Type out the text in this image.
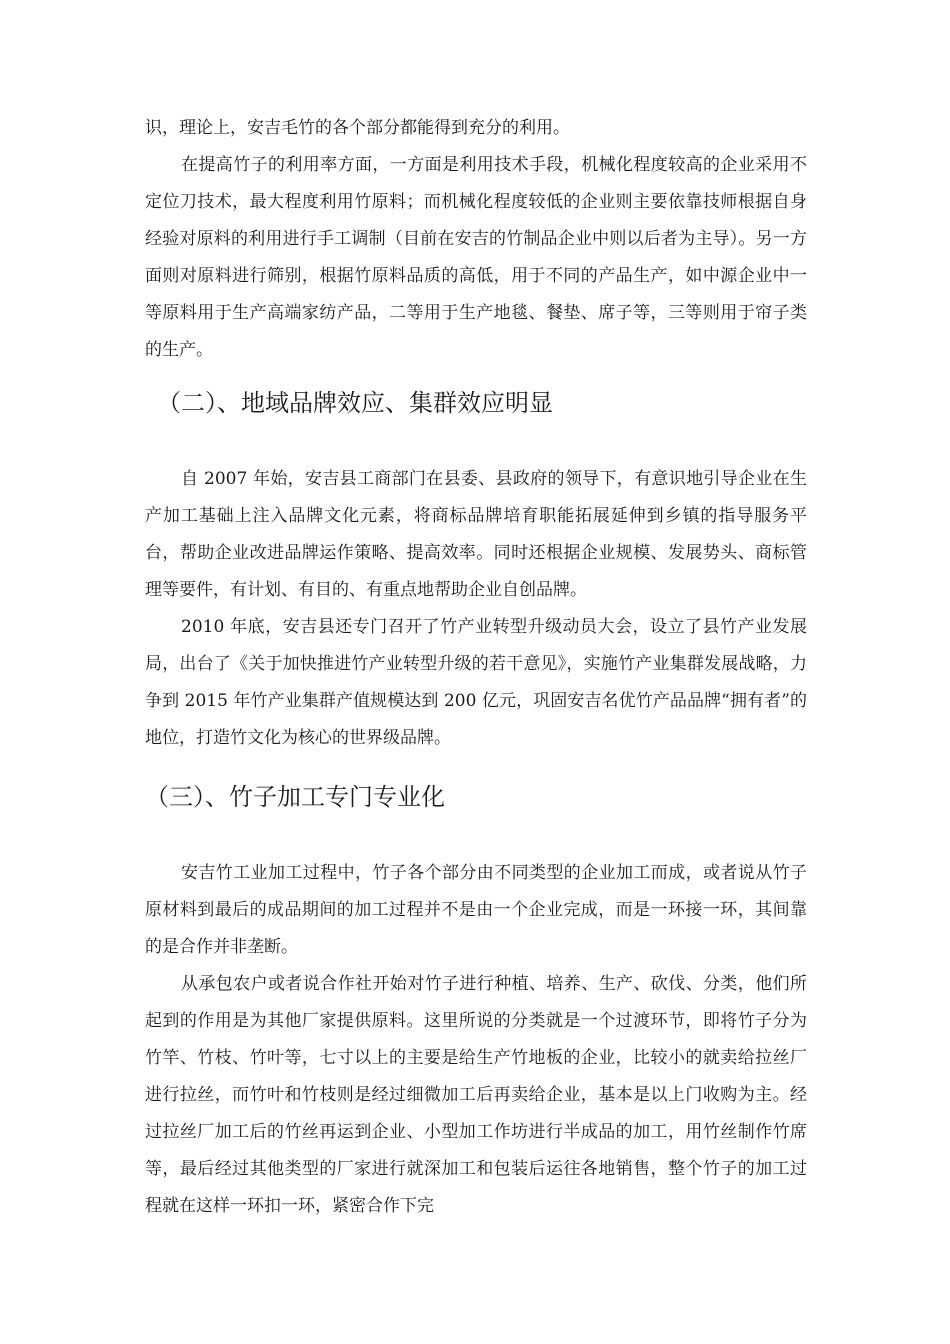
识，理论上，安吉毛竹的各个部分都能得到充分的利用。

在提高竹子的利用率方面，一方面是利用技术手段，机械化程度较高的企业采用不定位刀技术，最大程度利用竹原料；而机械化程度较低的企业则主要依靠技师根据自身经验对原料的利用进行手工调制（目前在安吉的竹制品企业中则以后者为主导）。另一方面则对原料进行筛别，根据竹原料品质的高低，用于不同的产品生产，如中源企业中一等原料用于生产高端家纺产品，二等用于生产地毯、餐垫、席子等，三等则用于帘子类的生产。

（二）、地域品牌效应、集群效应明显

自 2007 年始，安吉县工商部门在县委、县政府的领导下，有意识地引导企业在生产加工基础上注入品牌文化元素，将商标品牌培育职能拓展延伸到乡镇的指导服务平台，帮助企业改进品牌运作策略、提高效率。同时还根据企业规模、发展势头、商标管理等要件，有计划、有目的、有重点地帮助企业自创品牌。

2010 年底，安吉县还专门召开了竹产业转型升级动员大会，设立了县竹产业发展局，出台了《关于加快推进竹产业转型升级的若干意见》，实施竹产业集群发展战略，力争到 2015 年竹产业集群产值规模达到 200 亿元，巩固安吉名优竹产品品牌“拥有者”的地位，打造竹文化为核心的世界级品牌。

（三）、竹子加工专门专业化

安吉竹工业加工过程中，竹子各个部分由不同类型的企业加工而成，或者说从竹子原材料到最后的成品期间的加工过程并不是由一个企业完成，而是一环接一环，其间靠的是合作并非垄断。

从承包农户或者说合作社开始对竹子进行种植、培养、生产、砍伐、分类，他们所起到的作用是为其他厂家提供原料。这里所说的分类就是一个过渡环节，即将竹子分为竹竿、竹枝、竹叶等，七寸以上的主要是给生产竹地板的企业，比较小的就卖给拉丝厂进行拉丝，而竹叶和竹枝则是经过细微加工后再卖给企业，基本是以上门收购为主。经过拉丝厂加工后的竹丝再运到企业、小型加工作坊进行半成品的加工，用竹丝制作竹席等，最后经过其他类型的厂家进行就深加工和包装后运往各地销售，整个竹子的加工过程就在这样一环扣一环，紧密合作下完
